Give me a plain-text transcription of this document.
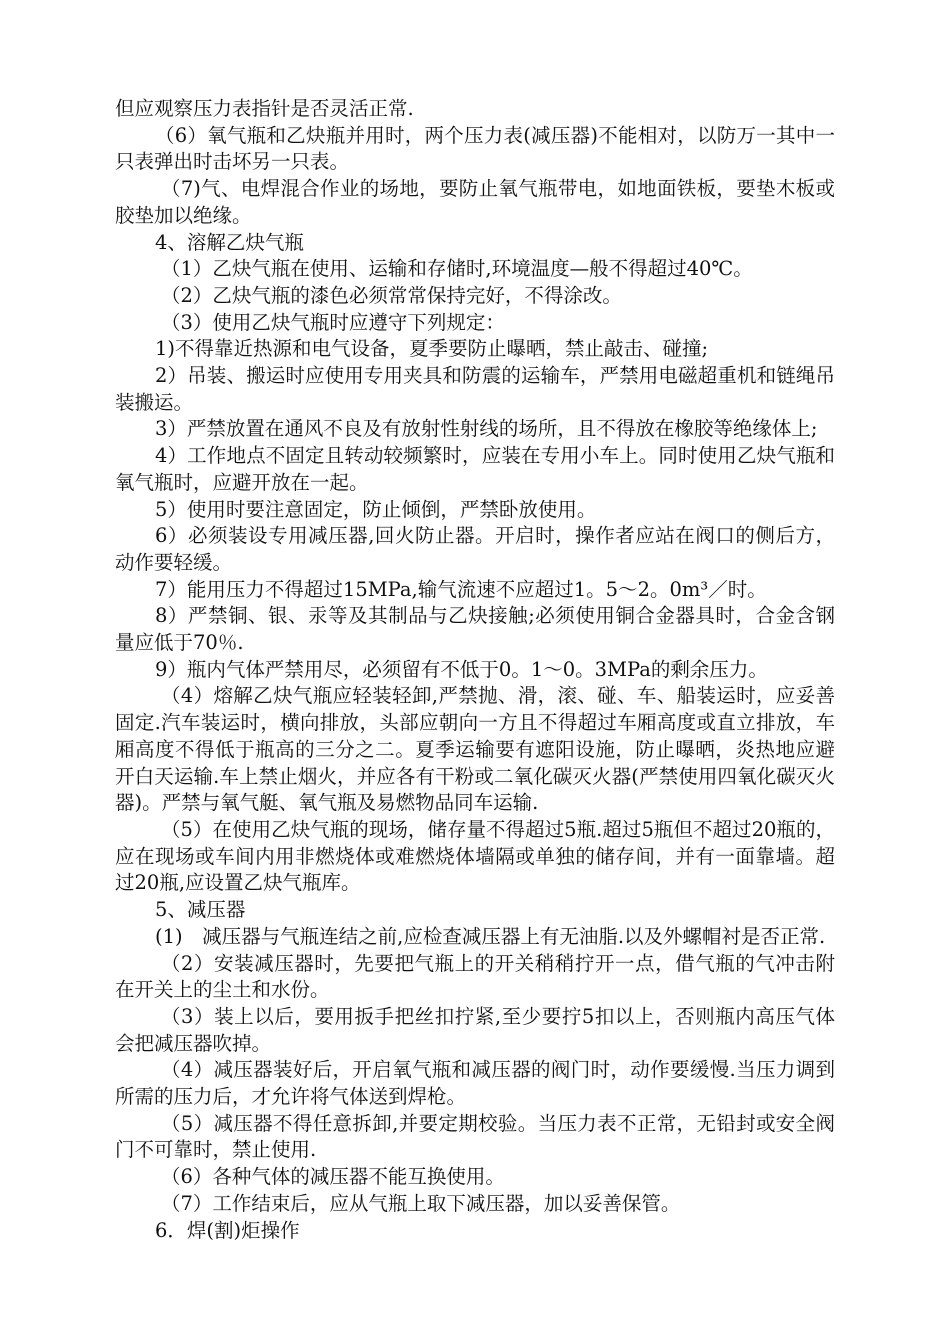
但应观察压力表指针是否灵活正常.

（6）氧气瓶和乙炔瓶并用时，两个压力表(减压器)不能相对，以防万一其中一只表弹出时击坏另一只表。

（7)气、电焊混合作业的场地，要防止氧气瓶带电，如地面铁板，要垫木板或胶垫加以绝缘。

4、溶解乙炔气瓶

（1）乙炔气瓶在使用、运输和存储时,环境温度—般不得超过40℃。

（2）乙炔气瓶的漆色必须常常保持完好，不得涂改。

（3）使用乙炔气瓶时应遵守下列规定：

1)不得靠近热源和电气设备，夏季要防止曝晒，禁止敲击、碰撞;

2）吊装、搬运时应使用专用夹具和防震的运输车，严禁用电磁超重机和链绳吊装搬运。

3）严禁放置在通风不良及有放射性射线的场所，且不得放在橡胶等绝缘体上;

4）工作地点不固定且转动较频繁时，应装在专用小车上。同时使用乙炔气瓶和氧气瓶时，应避开放在一起。

5）使用时要注意固定，防止倾倒，严禁卧放使用。

6）必须装设专用减压器,回火防止器。开启时，操作者应站在阀口的侧后方，动作要轻缓。

7）能用压力不得超过15MPa,输气流速不应超过1。5～2。0m³／时。

8）严禁铜、银、汞等及其制品与乙炔接触;必须使用铜合金器具时，合金含钢量应低于70％.

9）瓶内气体严禁用尽，必须留有不低于0。1～0。3MPa的剩余压力。

（4）熔解乙炔气瓶应轻装轻卸,严禁抛、滑，滚、碰、车、船装运时，应妥善固定.汽车装运时，横向排放，头部应朝向一方且不得超过车厢高度或直立排放，车厢高度不得低于瓶高的三分之二。夏季运输要有遮阳设施，防止曝晒，炎热地应避开白天运输.车上禁止烟火，并应各有干粉或二氧化碳灭火器(严禁使用四氧化碳灭火器)。严禁与氧气艇、氧气瓶及易燃物品同车运输.

（5）在使用乙炔气瓶的现场，储存量不得超过5瓶.超过5瓶但不超过20瓶的，应在现场或车间内用非燃烧体或难燃烧体墙隔或单独的储存间，并有一面靠墙。超过20瓶,应设置乙炔气瓶库。

5、减压器

(1)　减压器与气瓶连结之前,应检查减压器上有无油脂.以及外螺帽衬是否正常.

（2）安装减压器时，先要把气瓶上的开关稍稍拧开一点，借气瓶的气冲击附在开关上的尘土和水份。

（3）装上以后，要用扳手把丝扣拧紧,至少要拧5扣以上，否则瓶内高压气体会把减压器吹掉。

（4）减压器装好后，开启氧气瓶和减压器的阀门时，动作要缓慢.当压力调到所需的压力后，才允许将气体送到焊枪。

（5）减压器不得任意拆卸,并要定期校验。当压力表不正常，无铅封或安全阀门不可靠时，禁止使用.

（6）各种气体的减压器不能互换使用。

（7）工作结束后，应从气瓶上取下减压器，加以妥善保管。

6．焊(割)炬操作
